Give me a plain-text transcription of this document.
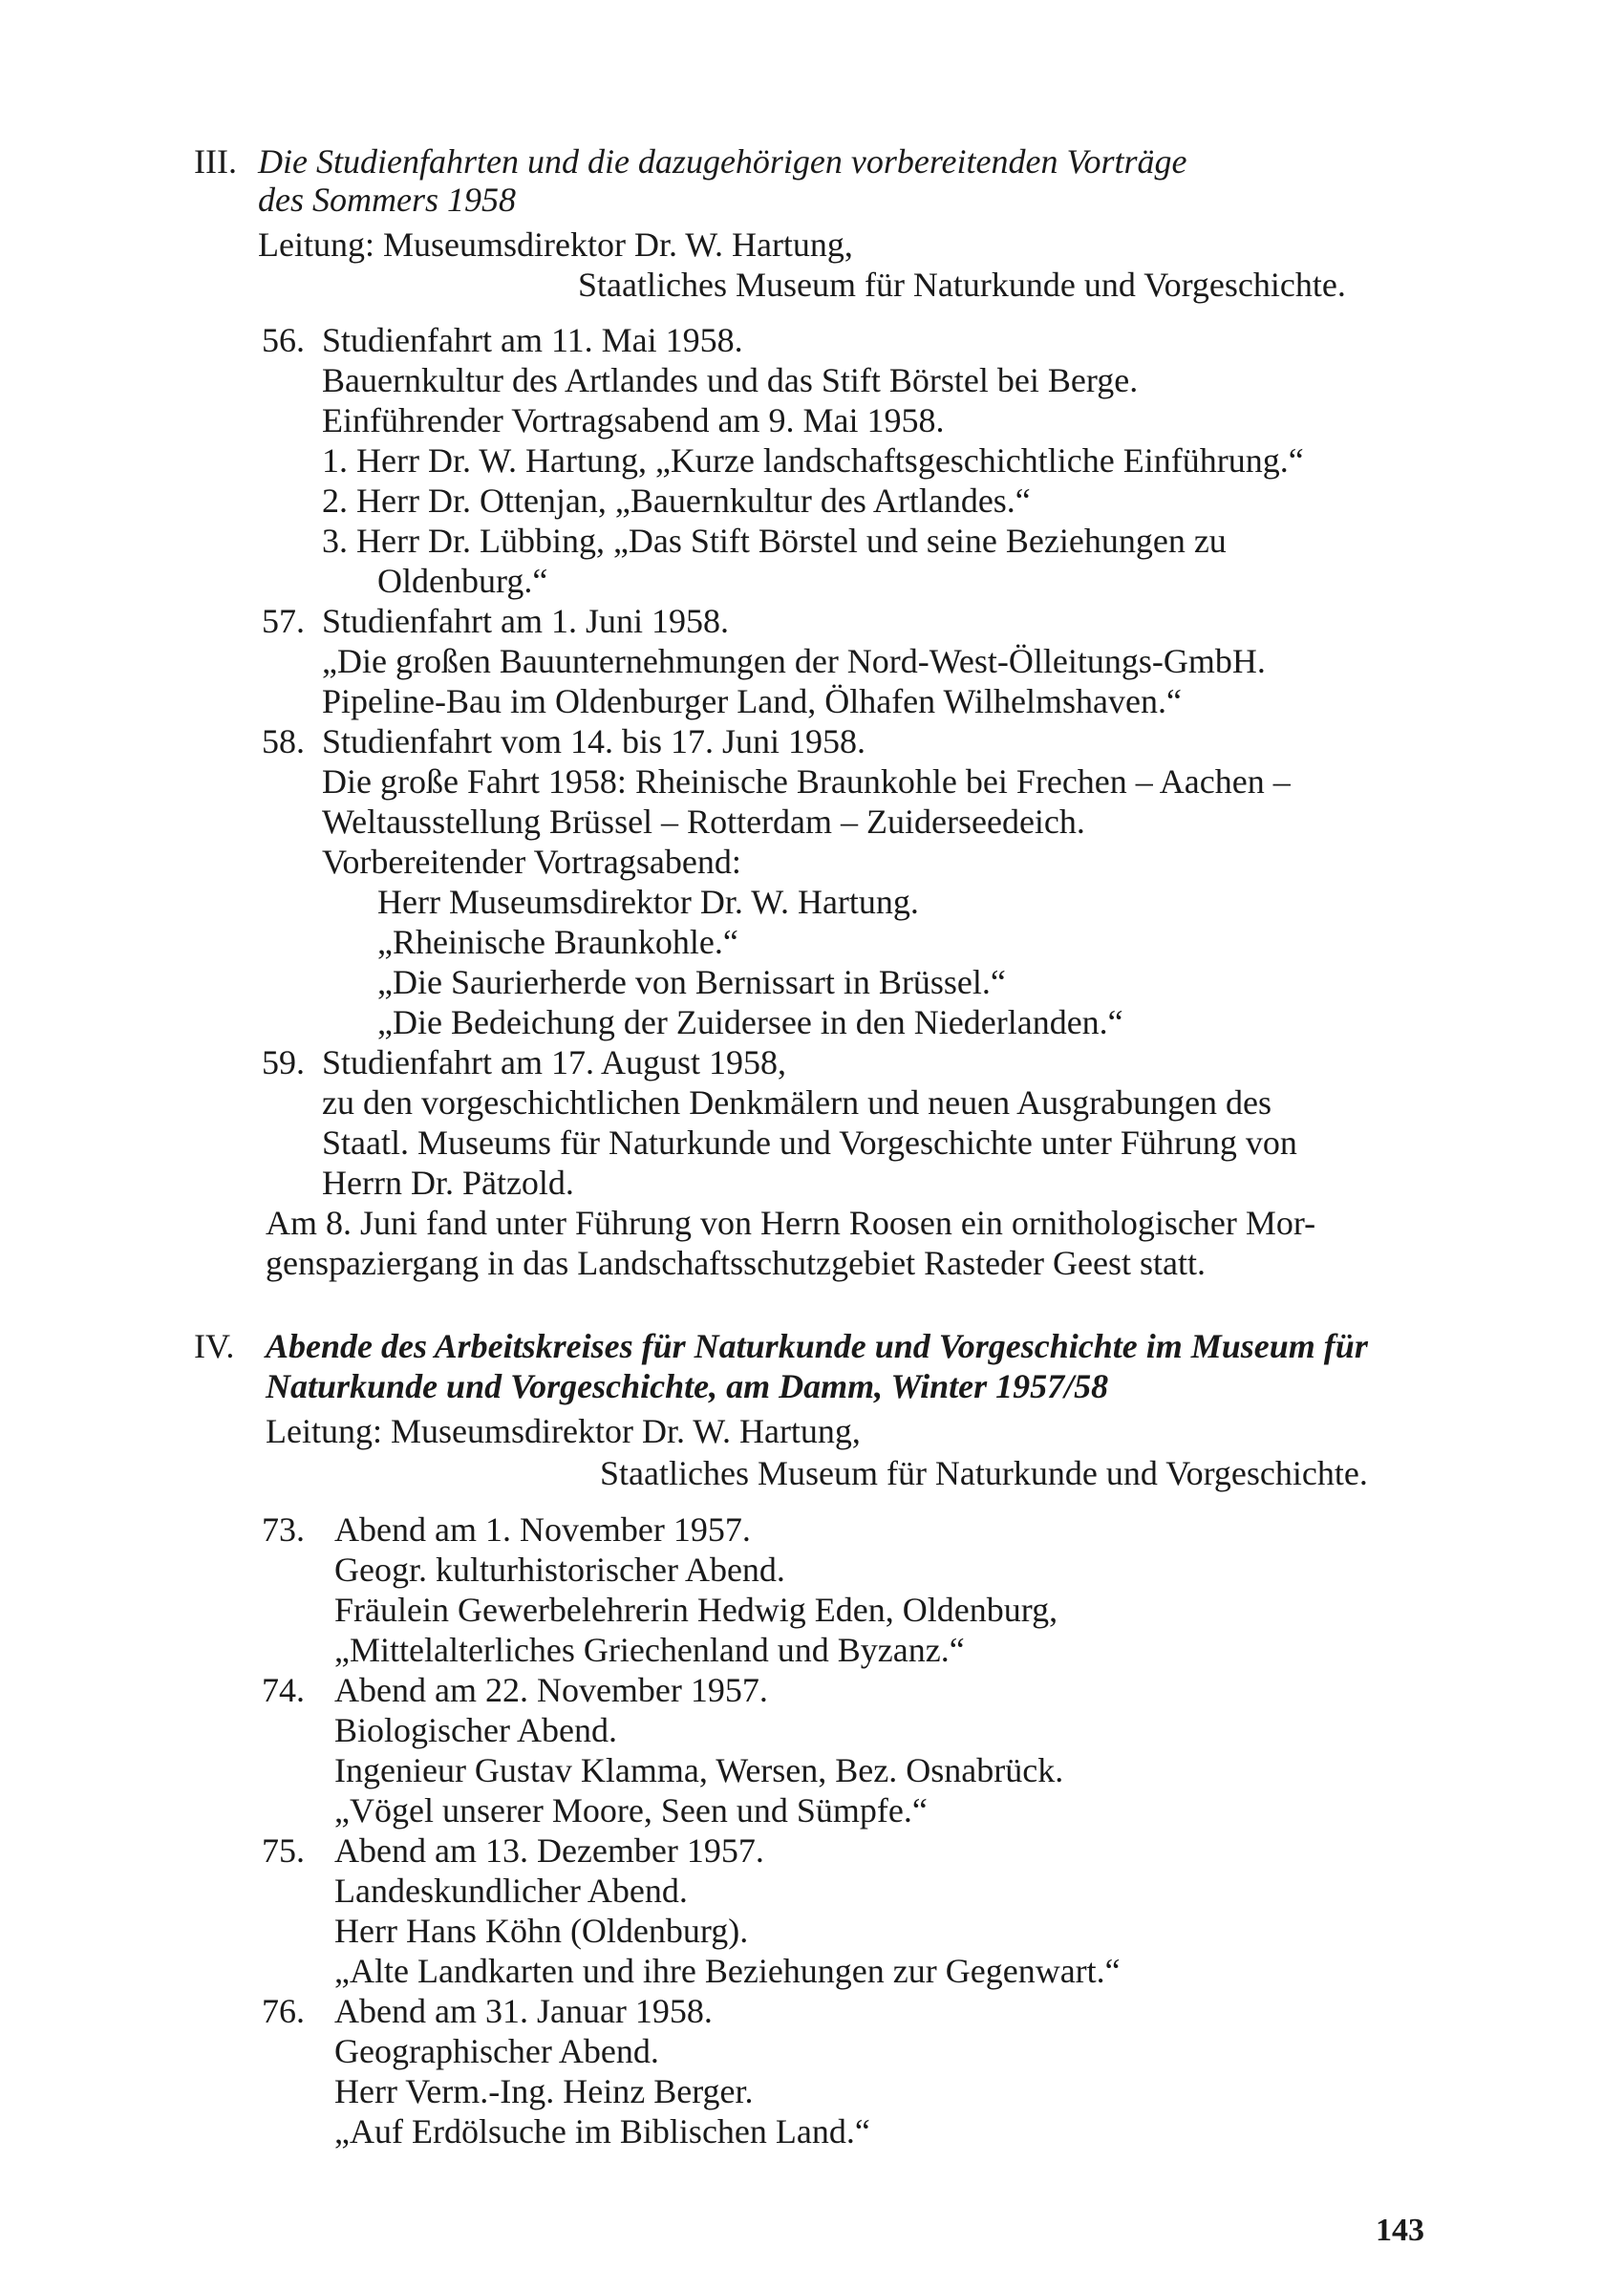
III. Die Studienfahrten und die dazugehörigen vorbereitenden Vorträge
des Sommers 1958
Leitung: Museumsdirektor Dr. W. Hartung,
Staatliches Museum für Naturkunde und Vorgeschichte.
56. Studienfahrt am 11. Mai 1958.
Bauernkultur des Artlandes und das Stift Börstel bei Berge.
Einführender Vortragsabend am 9. Mai 1958.
1. Herr Dr. W. Hartung, „Kurze landschaftsgeschichtliche Einführung.“
2. Herr Dr. Ottenjan, „Bauernkultur des Artlandes.“
3. Herr Dr. Lübbing, „Das Stift Börstel und seine Beziehungen zu
Oldenburg.“
57. Studienfahrt am 1. Juni 1958.
„Die großen Bauunternehmungen der Nord-West-Ölleitungs-GmbH.
Pipeline-Bau im Oldenburger Land, Ölhafen Wilhelmshaven.“
58. Studienfahrt vom 14. bis 17. Juni 1958.
Die große Fahrt 1958: Rheinische Braunkohle bei Frechen – Aachen –
Weltausstellung Brüssel – Rotterdam – Zuiderseedeich.
Vorbereitender Vortragsabend:
Herr Museumsdirektor Dr. W. Hartung.
„Rheinische Braunkohle.“
„Die Saurierherde von Bernissart in Brüssel.“
„Die Bedeichung der Zuidersee in den Niederlanden.“
59. Studienfahrt am 17. August 1958,
zu den vorgeschichtlichen Denkmälern und neuen Ausgrabungen des
Staatl. Museums für Naturkunde und Vorgeschichte unter Führung von
Herrn Dr. Pätzold.
Am 8. Juni fand unter Führung von Herrn Roosen ein ornithologischer Mor-
genspaziergang in das Landschaftsschutzgebiet Rasteder Geest statt.
IV. Abende des Arbeitskreises für Naturkunde und Vorgeschichte im Museum für
Naturkunde und Vorgeschichte, am Damm, Winter 1957/58
Leitung: Museumsdirektor Dr. W. Hartung,
Staatliches Museum für Naturkunde und Vorgeschichte.
73. Abend am 1. November 1957.
Geogr. kulturhistorischer Abend.
Fräulein Gewerbelehrerin Hedwig Eden, Oldenburg,
„Mittelalterliches Griechenland und Byzanz.“
74. Abend am 22. November 1957.
Biologischer Abend.
Ingenieur Gustav Klamma, Wersen, Bez. Osnabrück.
„Vögel unserer Moore, Seen und Sümpfe.“
75. Abend am 13. Dezember 1957.
Landeskundlicher Abend.
Herr Hans Köhn (Oldenburg).
„Alte Landkarten und ihre Beziehungen zur Gegenwart.“
76. Abend am 31. Januar 1958.
Geographischer Abend.
Herr Verm.-Ing. Heinz Berger.
„Auf Erdölsuche im Biblischen Land.“
143
